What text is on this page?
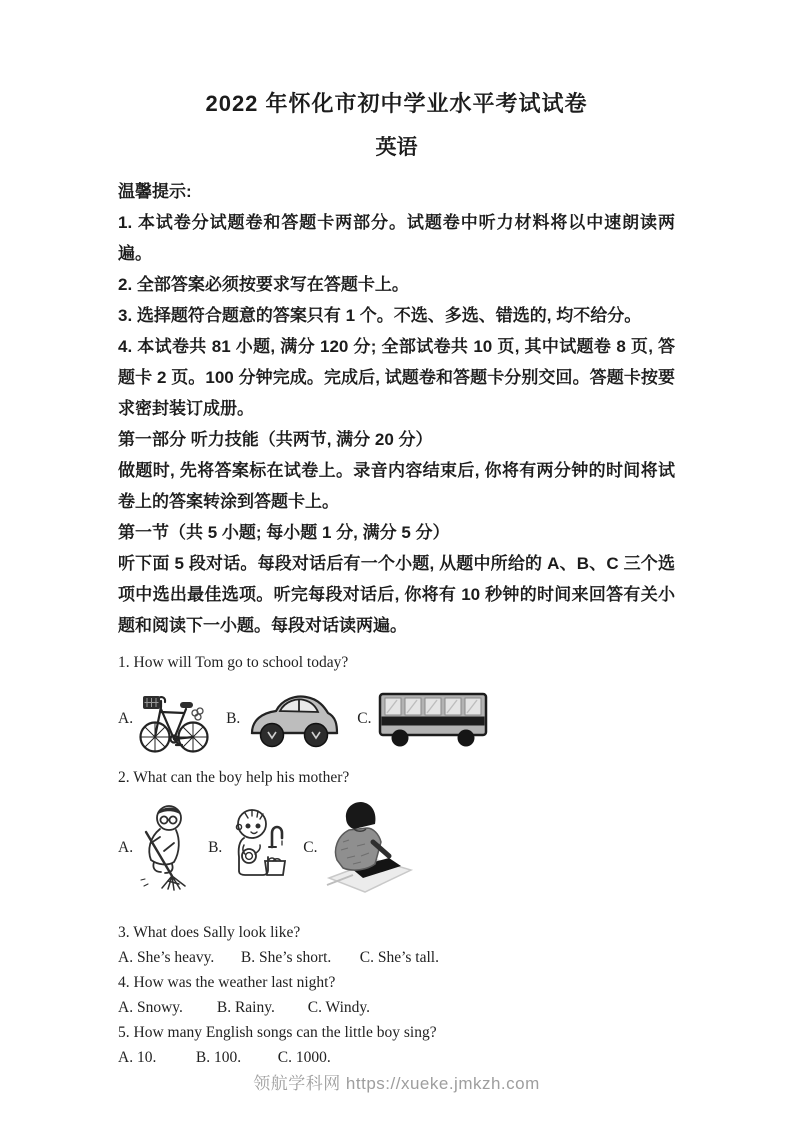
2022 年怀化市初中学业水平考试试卷
英语

温馨提示:

1. 本试卷分试题卷和答题卡两部分。试题卷中听力材料将以中速朗读两遍。

2. 全部答案必须按要求写在答题卡上。

3. 选择题符合题意的答案只有 1 个。不选、多选、错选的, 均不给分。

4. 本试卷共 81 小题, 满分 120 分; 全部试卷共 10 页, 其中试题卷 8 页, 答题卡 2 页。100 分钟完成。完成后, 试题卷和答题卡分别交回。答题卡按要求密封装订成册。

第一部分 听力技能（共两节, 满分 20 分）

做题时, 先将答案标在试卷上。录音内容结束后, 你将有两分钟的时间将试卷上的答案转涂到答题卡上。

第一节（共 5 小题; 每小题 1 分, 满分 5 分）

听下面 5 段对话。每段对话后有一个小题, 从题中所给的 A、B、C 三个选项中选出最佳选项。听完每段对话后, 你将有 10 秒钟的时间来回答有关小题和阅读下一小题。每段对话读两遍。

1. How will Tom go to school today?

A.	B.	C.

2. What can the boy help his mother?

A.	B.	C.

3. What does Sally look like?

A. She’s heavy. B. She’s short. C. She’s tall.

4. How was the weather last night?

A. Snowy. B. Rainy. C. Windy.

5. How many English songs can the little boy sing?

A. 10.	B. 100. C. 1000.

领航学科网 https://xueke.jmkzh.com
